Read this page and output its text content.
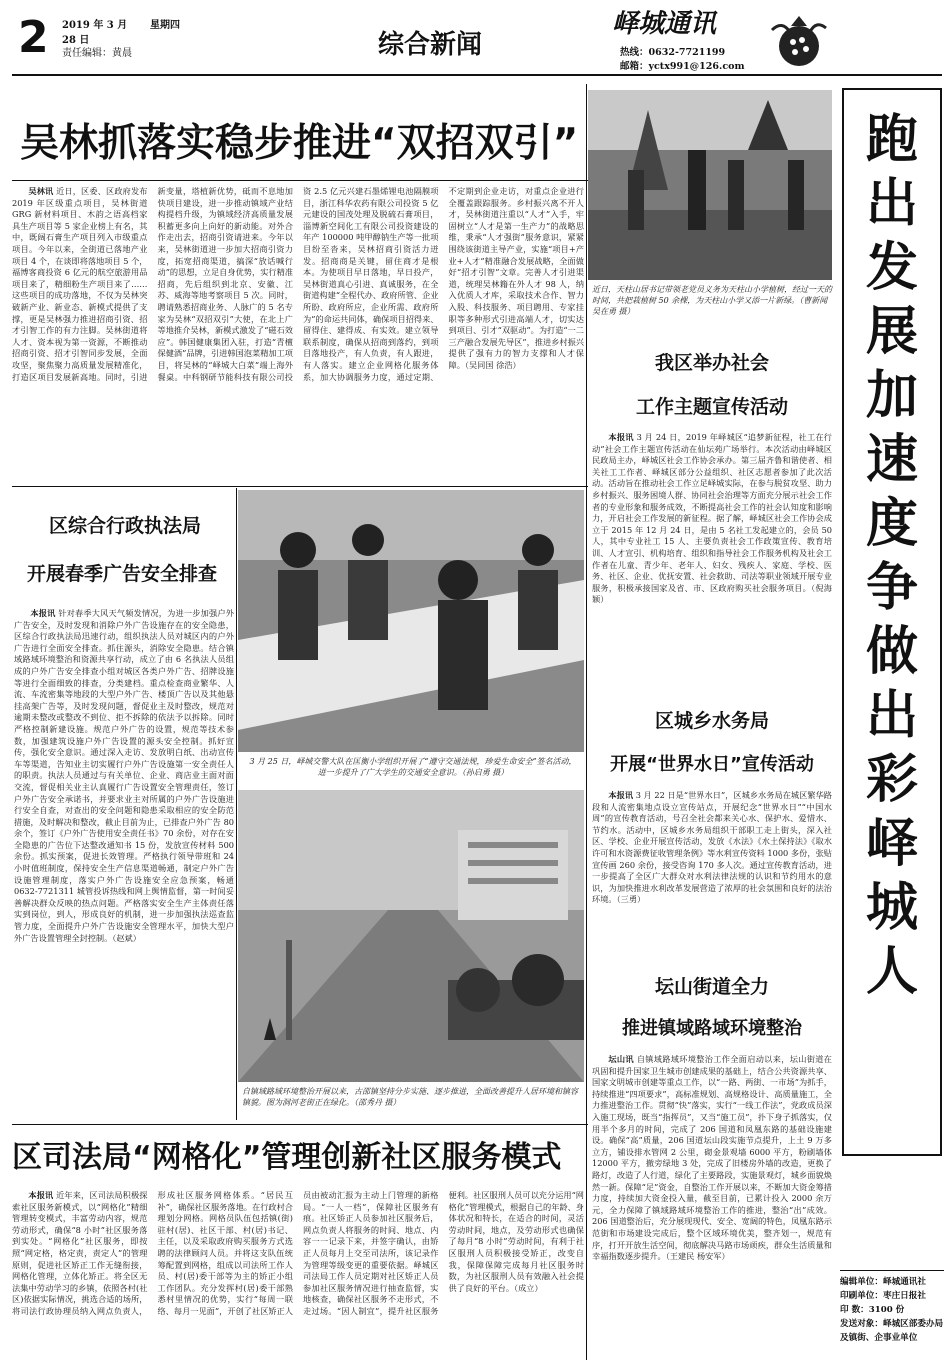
2	2019 年 3 月 28 日
星期四
责任编辑：黄晨	综合新闻
峄城通讯
热线：0632-7721199
邮箱：yctx991@126.com
跑出发展加速度 争做出彩峄城人
吴林抓落实稳步推进“双招双引”

吴林讯 近日，区委、区政府发布 2019 年区级重点项目，吴林街道 GRG 新材料项目、木韵之语高档家具生产项目等 5 家企业榜上有名，其中，既阔石膏生产项目列入市级重点项目。今年以来，全街道已落地产业项目 4 个，在谈即将落地项目 5 个，福博客商投资 6 亿元的航空旅游用品项目来了，精细粉生产项目来了……这些项目的成功落地，不仅为吴林突破新产业、新业态、新模式提供了支撑，更是吴林强力推进招商引资、招才引智工作的有力注脚。吴林街道将人才、资本视为第一资源，不断推动招商引资、招才引智同步发展，全面攻坚，聚焦聚力高质量发展精准化，打造区项目发展新高地。同时，引进新变量，塔植新优势，砥而不息地加快项目建设，进一步推动镇域产业结构提档升级，为镇域经济高质量发展积蓄更多向上向好的新动能。对外合作走出去，招商引资请进来。今年以来，吴林街道进一步加大招商引资力度，拓宽招商渠道，搞深“放话喊行动”的思想，立足自身优势，实行精准招商，先后组织到北京、安徽、江苏、威海等地考察项目 5 次。同时，聘请熟悉招商业务、人脉广的 5 名专家为吴林“双招双引”大使，在北上广等地推介吴林，新模式激发了“磁石效应”。韩国健康集团入驻，打造“青檀保健酒”品牌，引进韩国泡菜精加工项目，将吴林的“峄城大白菜”端上海外餐桌。中科钢研节能科技有限公司投资 2.5 亿元兴建石墨烯锂电池隔膜项目，浙江科华农药有限公司投资 5 亿元建设的国茂处理及脱硫石膏项目，淄博新空间化工有限公司投资建设的年产 100000 吨甲醇钠生产等一批项目纷至沓来，吴林招商引资活力迸发。招商商是关键，留住商才是根本。为使项目早日落地，早日投产，吴林街道真心引进、真诚服务，在全街道构建“全程代办、政府所管、企业所盼、政府所应，企业所需、政府所为”的命运共同体，确保项目招得来、留得住、建得成、有实效。建立领导联系制度，确保从招商到落约，到项目落地投产，有人负责，有人跟进，有人落实。建立企业网格化服务体系，加大协调服务力度，通过定期、不定期到企业走访，对重点企业进行全覆盖跟踪服务。乡村振兴离不开人才，吴林街道注重以“人才”入手，牢固树立“人才是第一生产力”的战略思维，秉承“人才强街”服务意识，紧紧围绕该街道主导产业，实施“项目+产业+人才”精准融合发展战略，全面做好“招才引智”文章。完善人才引进渠道，统理吴林籍在外人才 98 人，纳入优质人才库，采取技术合作、智力入股、科技服务、项目聘用、专家挂职等多种形式引进高端人才，切实达到项目、引才“双驱动”。为打造“一二三产融合发展先导区”，推进乡村振兴提供了强有力的智力支撑和人才保障。（吴同国 徐浩）

近日，天柱山居书记带领老党员义务为天柱山小学植树，经过一天的时间，共把栽植树 50 余棵，为天柱山小学又添一片新绿。（曹新闻 吴在勇 摄）
我区举办社会
工作主题宣传活动

本报讯 3 月 24 日，2019 年峄城区“追梦新征程，社工在行动”社会工作主题宣传活动在仙坛苑广场举行。本次活动由峄城区民政局主办，峄城区社会工作协会承办。第三届齐鲁和谐使者、相关社工工作者、峄城区部分公益组织、社区志愿者参加了此次活动。活动旨在推动社会工作立足峄城实际，在参与脱贫攻坚、助力乡村振兴、服务困境人群、协同社会治理等方面充分展示社会工作者的专业形象和服务成效，不断提高社会工作的社会认知度和影响力，开启社会工作发展的新征程。据了解，峄城区社会工作协会成立于 2015 年 12 月 24 日，是由 5 名社工发起建立的，会员 50 人，其中专业社工 15 人、主要负责社会工作政策宣传、教育培训、人才宣引、机构培育、组织和指导社会工作服务机构及社会工作者在儿童、青少年、老年人、妇女、残疾人、家庭、学校、医务、社区、企业、优抚安置、社会救助、司法等职业领域开展专业服务，积极承接国家及省、市、区政府购买社会服务项目。（倪海颖）

3 月 25 日，峄城交警大队在匡衡小学组织开展了“遵守交通法规，珍爱生命安全”签名活动，进一步提升了广大学生的交通安全意识。（孙启勇 摄）
区综合行政执法局
开展春季广告安全排查

本报讯 针对春季大风天气频发情况，为进一步加强户外广告安全，及时发现和消除户外广告设施存在的安全隐患，区综合行政执法局迅速行动，组织执法人员对城区内的户外广告进行全面安全排查。抓住源头，消除安全隐患。结合镇域路域环境整治和资源共享行动，成立了由 6 名执法人员组成的户外广告安全排查小组对城区各类户外广告、招牌设施等进行全面细致的排查，分类建档。重点检查商业繁华、人流、车流密集等地段的大型户外广告、楼顶广告以及其他悬挂高架广告等，及时发现问题，督促业主及时整改，规范对逾期未整改或整改不到位、拒不拆除的依法予以拆除。同时严格控制新建设施。规范户外广告的设置，规范等技术参数，加强建筑设施户外广告设置的源头安全控制。抓好宣传，强化安全意识。通过深入走访、发放明白纸、出动宣传车等渠道，告知业主切实履行户外广告设施第一安全责任人的职责。执法人员通过与有关单位、企业、商店业主面对面交流，督促相关业主认真履行广告设置安全管理责任，签订户外广告安全承诺书，并要求业主对所属的户外广告设施进行安全自查，对查出的安全问题和隐患采取相应的安全防范措施，及时解决和整改，截止目前为止，已排查户外广告 80 余个，签订《户外广告使用安全责任书》70 余份，对存在安全隐患的广告位下达整改通知书 15 份，发放宣传材料 500 余份。抓实预案，促进长效管理。严格执行领导带班和 24 小时值班制度，保持安全生产信息渠道畅通，制定户外广告设施管理制度，落实户外广告设施安全应急预案，畅通 0632-7721311 城管投诉热线和网上舆情监督，第一时间妥善解决群众反映的热点问题。严格落实安全生产主体责任落实到岗位，到人，形成良好的机制，进一步加强执法巡查监管力度，全面提升户外广告设施安全管理水平，加快大型户外广告设置管理全封控制。（赵斌）

区城乡水务局
开展“世界水日”宣传活动

本报讯 3 月 22 日是“世界水日”，区城乡水务局在城区繁华路段和人流密集地点设立宣传站点，开展纪念“世界水日”“中国水周”的宣传教育活动，号召全社会都来关心水、保护水、爱惜水、节约水。活动中，区城乡水务局组织干部职工走上街头，深入社区、学校、企业开展宣传活动，发放《水法》《水土保持法》《取水许可和水资源费征收管理条例》等水利宣传资料 1000 多份，张贴宣传画 260 余份，接受咨询 170 多人次。通过宣传教育活动，进一步提高了全区广大群众对水利法律法规的认识和节约用水的意识，为加快推进水利改革发展营造了浓厚的社会氛围和良好的法治环境。（三勇）

自镇域路域环境整治开展以来，古邵镇坚持分步实施、逐步推进，全面改善提升人居环境和镇容镇貌。图为洞河老街正在绿化。（邵秀丹 摄）
坛山街道全力
推进镇域路域环境整治

坛山讯 自镇域路域环境整治工作全面启动以来，坛山街道在巩固和提升国家卫生城市创建成果的基础上，结合公共资源共享、国家文明城市创建等重点工作，以“一路、两街、一市场”为抓手，持续推进“四项要求”，高标准规划、高规格设计、高质量施工，全力推进整治工作。贯彻“快”落实，实行“一线工作法”，党政成员深入施工现场，既当“指挥员”，又当“施工员”，扑下身子抓落实，仅用半个多月的时间，完成了 206 国道和凤凰东路的基础设施建设。确保“高”质量，206 国道坛山段实施节点提升，上土 9 万多立方，铺设排水管网 2 公里，砌金景观墙 6000 平方，粉刷墙体 12000 平方，撤旁绿地 3 处，完成了旧楼房外墙的改造，更换了路灯，改造了人行道，绿化了主要路段，实施景观灯，城乡面貌焕然一新。保障“足”资金，自整治工作开展以来，不断加大资金筹措力度，持续加大资金投入量，截至目前，已累计投入 2000 余万元，全力保障了镇域路域环境整治工作的推进，整治“出”成效。206 国道整治后，充分展现现代、安全、宽阔的特色，凤凰东路示范街和市场建设完成后，整个区域环境优美，整齐划一，规范有序，打开开放生活空间，彻底解决马路市场顽疾，群众生活质量和幸福指数逐步提升。（王建民 杨安军）

区司法局“网格化”管理创新社区服务模式

本报讯 近年来，区司法局积极探索社区服务新模式，以“网格化”精细管理转变模式，丰富劳动内容，规范劳动形式，确保“8 小时”社区服务落到实处。“网格化”社区服务，即按照“网定格，格定责，责定人”的管理原则，促进社区矫正工作无缝衔接，网格化管理，立体化矫正。将全区无法集中劳动学习的乡镇，依照各村(社区)依据实际情况，挑选合适的场所，将司法行政协理员纳入网点负责人，形成社区服务网格体系。“居民互补”，确保社区服务落地。在行政村合理划分网格。网格员队伍包括镇(街)驻村(居)、社区干部、村(居)书记、主任，以及采取政府购买服务方式选聘的法律顾问人员。并将这支队伍统筹配置到网格，组成以司法所工作人员、村(居)委干部等为主的矫正小组工作团队。充分发挥村(居)委干部熟悉村里情况的优势，实行“每周一联络、每月一见面”，开创了社区矫正人员由被动汇报为主动上门管理的新格局。“一人一档”，保障社区服务有痕。社区矫正人员参加社区服务后，网点负责人将服务的时间、地点、内容一一记录下来，并签字确认，由矫正人员每月上交至司法所，该记录作为管理等级变更的重要依据。峄城区司法局工作人员定期对社区矫正人员参加社区服务情况进行抽查监督，实地核查，确保社区服务不走形式，不走过场。“因人制宜”，提升社区服务便利。社区服刑人员可以充分运用“网格化”管理模式，根据自己的年龄、身体状况和特长，在适合的时间，灵活劳动时间，地点，及劳动形式也确保了每月“8 小时”劳动时间，有利于社区服刑人员积极接受矫正，改变自我，保障保障完成每月社区服务时数，为社区服刑人员有效融入社会提供了良好的平台。（成立）

编辑单位：峄城通讯社
印刷单位：枣庄日报社
印 数：3100 份
发送对象：峄城区部委办局及镇街、企事业单位
